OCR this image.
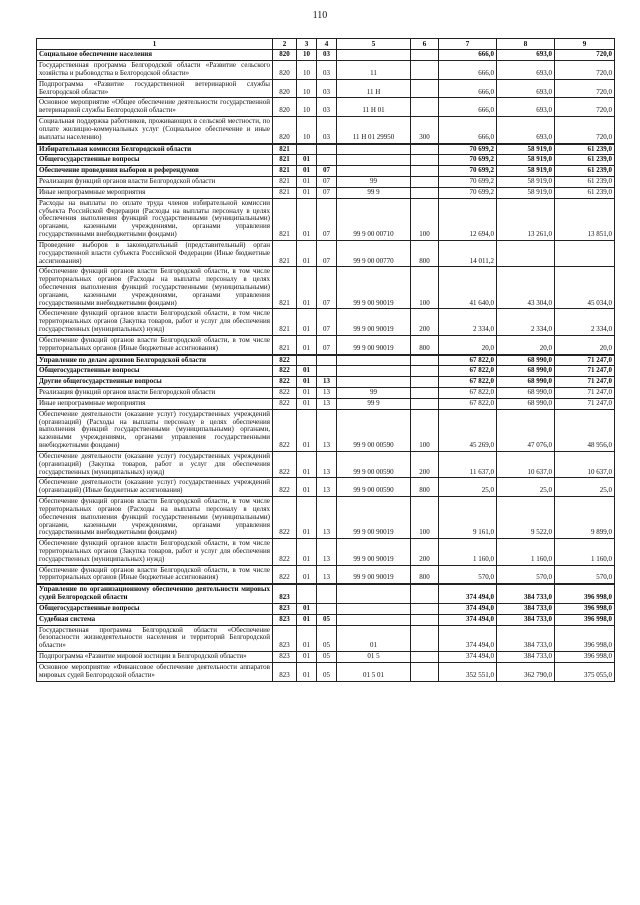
110
1	2	3	4	5	6	7	8	9
Социальное обеспечение населения	820	10	03			666,0	693,0	720,0
Государственная программа Белгородской области «Развитие сельского хозяйства и рыбоводства в Белгородской области»	820	10	03	11		666,0	693,0	720,0
Подпрограмма «Развитие государственной ветеринарной службы Белгородской области»	820	10	03	11 Н		666,0	693,0	720,0
Основное мероприятие «Общее обеспечение деятельности государственной ветеринарной службы Белгородской области»	820	10	03	11 Н 01		666,0	693,0	720,0
Социальная поддержка работников, проживающих в сельской местности, по оплате жилищно-коммунальных услуг (Социальное обеспечение и иные выплаты населению)	820	10	03	11 Н 01 29950	300	666,0	693,0	720,0
Избирательная комиссия Белгородской области	821					70 699,2	58 919,0	61 239,0
Общегосударственные вопросы	821	01				70 699,2	58 919,0	61 239,0
Обеспечение проведения выборов и референдумов	821	01	07			70 699,2	58 919,0	61 239,0
Реализация функций органов власти Белгородской области	821	01	07	99		70 699,2	58 919,0	61 239,0
Иные непрограммные мероприятия	821	01	07	99 9		70 699,2	58 919,0	61 239,0
Расходы на выплаты по оплате труда членов избирательной комиссии субъекта Российской Федерации (Расходы на выплаты персоналу в целях обеспечения выполнения функций государственными (муниципальными) органами, казенными учреждениями, органами управления государственными внебюджетными фондами)	821	01	07	99 9 00 00710	100	12 694,0	13 261,0	13 851,0
Проведение выборов в законодательный (представительный) орган государственной власти субъекта Российской Федерации (Иные бюджетные ассигнования)	821	01	07	99 9 00 00770	800	14 011,2		
Обеспечение функций органов власти Белгородской области, в том числе территориальных органов (Расходы на выплаты персоналу в целях обеспечения выполнения функций государственными (муниципальными) органами, казенными учреждениями, органами управления государственными внебюджетными фондами)	821	01	07	99 9 00 90019	100	41 640,0	43 304,0	45 034,0
Обеспечение функций органов власти Белгородской области, в том числе территориальных органов (Закупка товаров, работ и услуг для обеспечения государственных (муниципальных) нужд)	821	01	07	99 9 00 90019	200	2 334,0	2 334,0	2 334,0
Обеспечение функций органов власти Белгородской области, в том числе территориальных органов (Иные бюджетные ассигнования)	821	01	07	99 9 00 90019	800	20,0	20,0	20,0
Управление по делам архивов Белгородской области	822					67 822,0	68 990,0	71 247,0
Общегосударственные вопросы	822	01				67 822,0	68 990,0	71 247,0
Другие общегосударственные вопросы	822	01	13			67 822,0	68 990,0	71 247,0
Реализация функций органов власти Белгородской области	822	01	13	99		67 822,0	68 990,0	71 247,0
Иные непрограммные мероприятия	822	01	13	99 9		67 822,0	68 990,0	71 247,0
Обеспечение деятельности (оказание услуг) государственных учреждений (организаций) (Расходы на выплаты персоналу в целях обеспечения выполнения функций государственными (муниципальными) органами, казенными учреждениями, органами управления государственными внебюджетными фондами)	822	01	13	99 9 00 00590	100	45 269,0	47 076,0	48 956,0
Обеспечение деятельности (оказание услуг) государственных учреждений (организаций) (Закупка товаров, работ и услуг для обеспечения государственных (муниципальных) нужд)	822	01	13	99 9 00 00590	200	11 637,0	10 637,0	10 637,0
Обеспечение деятельности (оказание услуг) государственных учреждений (организаций) (Иные бюджетные ассигнования)	822	01	13	99 9 00 00590	800	25,0	25,0	25,0
Обеспечение функций органов власти Белгородской области, в том числе территориальных органов (Расходы на выплаты персоналу в целях обеспечения выполнения функций государственными (муниципальными) органами, казенными учреждениями, органами управления государственными внебюджетными фондами)	822	01	13	99 9 00 90019	100	9 161,0	9 522,0	9 899,0
Обеспечение функций органов власти Белгородской области, в том числе территориальных органов (Закупка товаров, работ и услуг для обеспечения государственных (муниципальных) нужд)	822	01	13	99 9 00 90019	200	1 160,0	1 160,0	1 160,0
Обеспечение функций органов власти Белгородской области, в том числе территориальных органов (Иные бюджетные ассигнования)	822	01	13	99 9 00 90019	800	570,0	570,0	570,0
Управление по организационному обеспечению деятельности мировых судей Белгородской области	823					374 494,0	384 733,0	396 998,0
Общегосударственные вопросы	823	01				374 494,0	384 733,0	396 998,0
Судебная система	823	01	05			374 494,0	384 733,0	396 998,0
Государственная программа Белгородской области «Обеспечение безопасности жизнедеятельности населения и территорий Белгородской области»	823	01	05	01		374 494,0	384 733,0	396 998,0
Подпрограмма «Развитие мировой юстиции в Белгородской области»	823	01	05	01 5		374 494,0	384 733,0	396 998,0
Основное мероприятие «Финансовое обеспечение деятельности аппаратов мировых судей Белгородской области»	823	01	05	01 5 01		352 551,0	362 790,0	375 055,0
